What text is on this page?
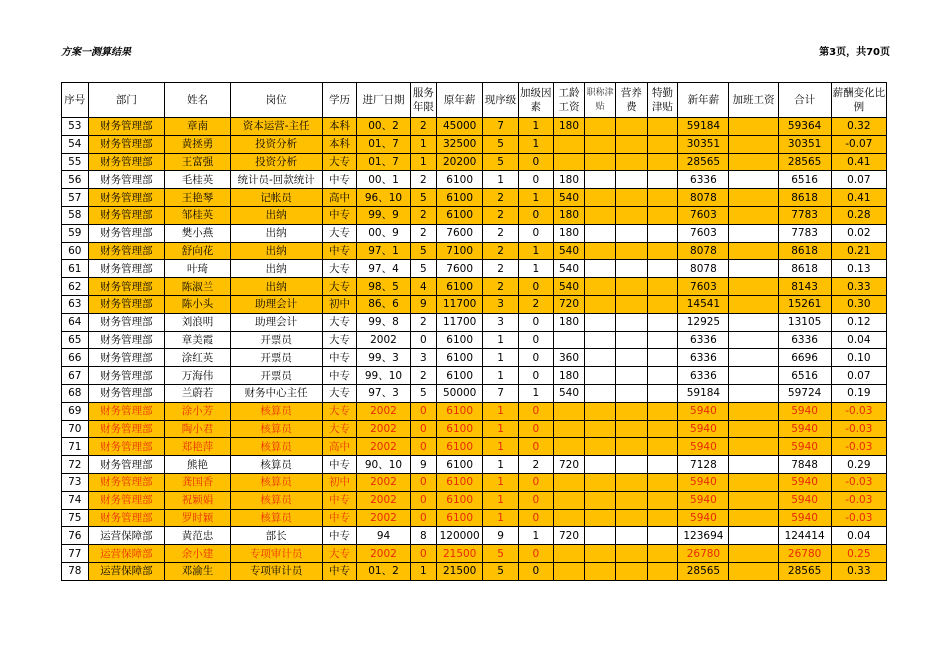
方案一测算结果	第3页，共70页
序号	部门	姓名	岗位	学历	进厂日期	服务年限	原年薪	现序级	加级因素	工龄工资	职称津贴	营养费	特勤津贴	新年薪	加班工资	合计	薪酬变化比例
53	财务管理部	章南	资本运营-主任	本科	00、2	2	45000	7	1	180				59184		59364	0.32
54	财务管理部	黄拯勇	投资分析	本科	01、7	1	32500	5	1					30351		30351	-0.07
55	财务管理部	王富强	投资分析	大专	01、7	1	20200	5	0					28565		28565	0.41
56	财务管理部	毛桂英	统计员-回款统计	中专	00、1	2	6100	1	0	180				6336		6516	0.07
57	财务管理部	王艳琴	记帐员	高中	96、10	5	6100	2	1	540				8078		8618	0.41
58	财务管理部	邹桂英	出纳	中专	99、9	2	6100	2	0	180				7603		7783	0.28
59	财务管理部	樊小燕	出纳	大专	00、9	2	7600	2	0	180				7603		7783	0.02
60	财务管理部	舒向花	出纳	中专	97、1	5	7100	2	1	540				8078		8618	0.21
61	财务管理部	叶琦	出纳	大专	97、4	5	7600	2	1	540				8078		8618	0.13
62	财务管理部	陈淑兰	出纳	大专	98、5	4	6100	2	0	540				7603		8143	0.33
63	财务管理部	陈小头	助理会计	初中	86、6	9	11700	3	2	720				14541		15261	0.30
64	财务管理部	刘浪明	助理会计	大专	99、8	2	11700	3	0	180				12925		13105	0.12
65	财务管理部	章美霞	开票员	大专	2002	0	6100	1	0					6336		6336	0.04
66	财务管理部	涂红英	开票员	中专	99、3	3	6100	1	0	360				6336		6696	0.10
67	财务管理部	万海伟	开票员	中专	99、10	2	6100	1	0	180				6336		6516	0.07
68	财务管理部	兰蔚若	财务中心主任	大专	97、3	5	50000	7	1	540				59184		59724	0.19
69	财务管理部	涂小芳	核算员	大专	2002	0	6100	1	0					5940		5940	-0.03
70	财务管理部	陶小君	核算员	大专	2002	0	6100	1	0					5940		5940	-0.03
71	财务管理部	郑艳萍	核算员	高中	2002	0	6100	1	0					5940		5940	-0.03
72	财务管理部	熊艳	核算员	中专	90、10	9	6100	1	2	720				7128		7848	0.29
73	财务管理部	龚国香	核算员	初中	2002	0	6100	1	0					5940		5940	-0.03
74	财务管理部	祝颖娟	核算员	中专	2002	0	6100	1	0					5940		5940	-0.03
75	财务管理部	罗时颖	核算员	中专	2002	0	6100	1	0					5940		5940	-0.03
76	运营保障部	黄范忠	部长	中专	94	8	120000	9	1	720				123694		124414	0.04
77	运营保障部	余小建	专项审计员	大专	2002	0	21500	5	0					26780		26780	0.25
78	运营保障部	邓渝生	专项审计员	中专	01、2	1	21500	5	0					28565		28565	0.33
